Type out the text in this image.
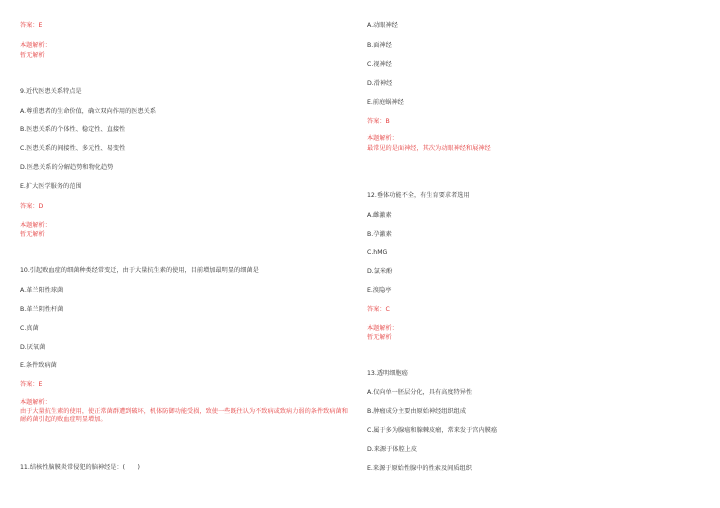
答案：E
本题解析：
暂无解析
9.近代医患关系特点是
A.尊重患者的生命价值，确立双向作用的医患关系
B.医患关系的个体性、稳定性、直接性
C.医患关系的间接性、多元性、易变性
D.医患关系的分解趋势和物化趋势
E.扩大医学服务的范围
答案：D
本题解析：
暂无解析
10.引起败血症的细菌种类经常变迁，由于大量抗生素的使用，目前增加最明显的细菌是
A.革兰阳性球菌
B.革兰阴性杆菌
C.真菌
D.厌氧菌
E.条件致病菌
答案：E
本题解析：
由于大量抗生素的使用，使正常菌群遭到破坏，机体防御功能受损，致使一些既往认为不致病或致病力弱的条件致病菌和耐药菌引起的败血症明显增加。
11.结核性脑膜炎常侵犯的脑神经是：(　　)
A.动眼神经
B.面神经
C.视神经
D.滑神经
E.前庭蜗神经
答案：B
本题解析：
最常见的是面神经，其次为动眼神经和展神经
12.垂体功能不全，有生育要求者选用
A.雌激素
B.孕激素
C.hMG
D.氯米酚
E.溴隐亭
答案：C
本题解析：
暂无解析
13.透明细胞癌
A.仅向单一胚层分化，具有高度特异性
B.肿瘤成分主要由原始神经组织组成
C.属于多为腺癌和腺棘皮瘤，常来发于宫内膜癌
D.来源于体腔上皮
E.来源于原始性腺中的性索及间质组织
